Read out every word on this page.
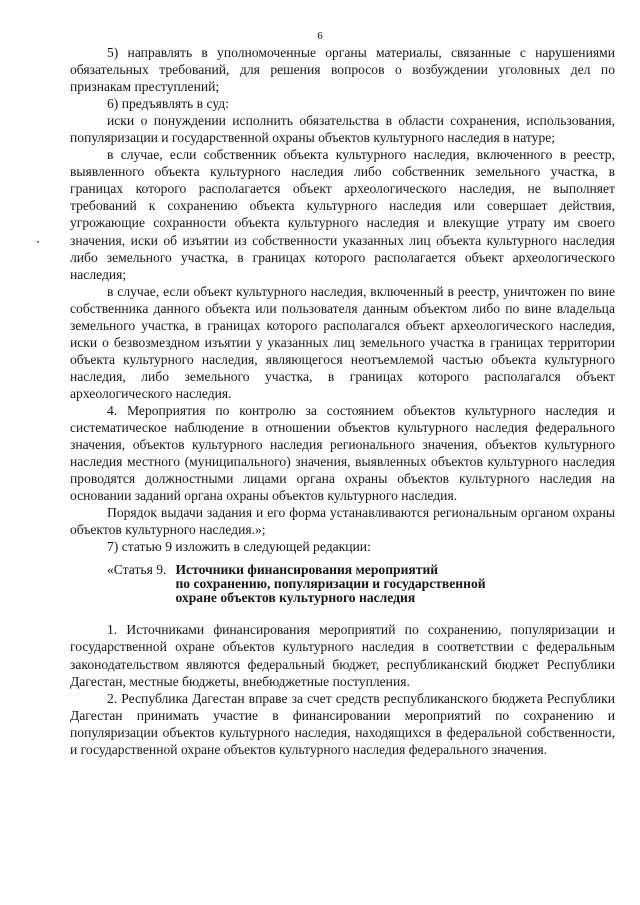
6

5) направлять в уполномоченные органы материалы, связанные с нарушениями обязательных требований, для решения вопросов о возбуждении уголовных дел по признакам преступлений;

6) предъявлять в суд:

иски о понуждении исполнить обязательства в области сохранения, использования, популяризации и государственной охраны объектов культурного наследия в натуре;

в случае, если собственник объекта культурного наследия, включенного в реестр, выявленного объекта культурного наследия либо собственник земельного участка, в границах которого располагается объект археологического наследия, не выполняет требований к сохранению объекта культурного наследия или совершает действия, угрожающие сохранности объекта культурного наследия и влекущие утрату им своего значения, иски об изъятии из собственности указанных лиц объекта культурного наследия либо земельного участка, в границах которого располагается объект археологического наследия;

в случае, если объект культурного наследия, включенный в реестр, уничтожен по вине собственника данного объекта или пользователя данным объектом либо по вине владельца земельного участка, в границах которого располагался объект археологического наследия, иски о безвозмездном изъятии у указанных лиц земельного участка в границах территории объекта культурного наследия, являющегося неотъемлемой частью объекта культурного наследия, либо земельного участка, в границах которого располагался объект археологического наследия.

4. Мероприятия по контролю за состоянием объектов культурного наследия и систематическое наблюдение в отношении объектов культурного наследия федерального значения, объектов культурного наследия регионального значения, объектов культурного наследия местного (муниципального) значения, выявленных объектов культурного наследия проводятся должностными лицами органа охраны объектов культурного наследия на основании заданий органа охраны объектов культурного наследия.

Порядок выдачи задания и его форма устанавливаются региональным органом охраны объектов культурного наследия.»;

7) статью 9 изложить в следующей редакции:

«Статья 9. Источники финансирования мероприятий
по сохранению, популяризации и государственной
охране объектов культурного наследия

1. Источниками финансирования мероприятий по сохранению, популяризации и государственной охране объектов культурного наследия в соответствии с федеральным законодательством являются федеральный бюджет, республиканский бюджет Республики Дагестан, местные бюджеты, внебюджетные поступления.

2. Республика Дагестан вправе за счет средств республиканского бюджета Республики Дагестан принимать участие в финансировании мероприятий по сохранению и популяризации объектов культурного наследия, находящихся в федеральной собственности, и государственной охране объектов культурного наследия федерального значения.
